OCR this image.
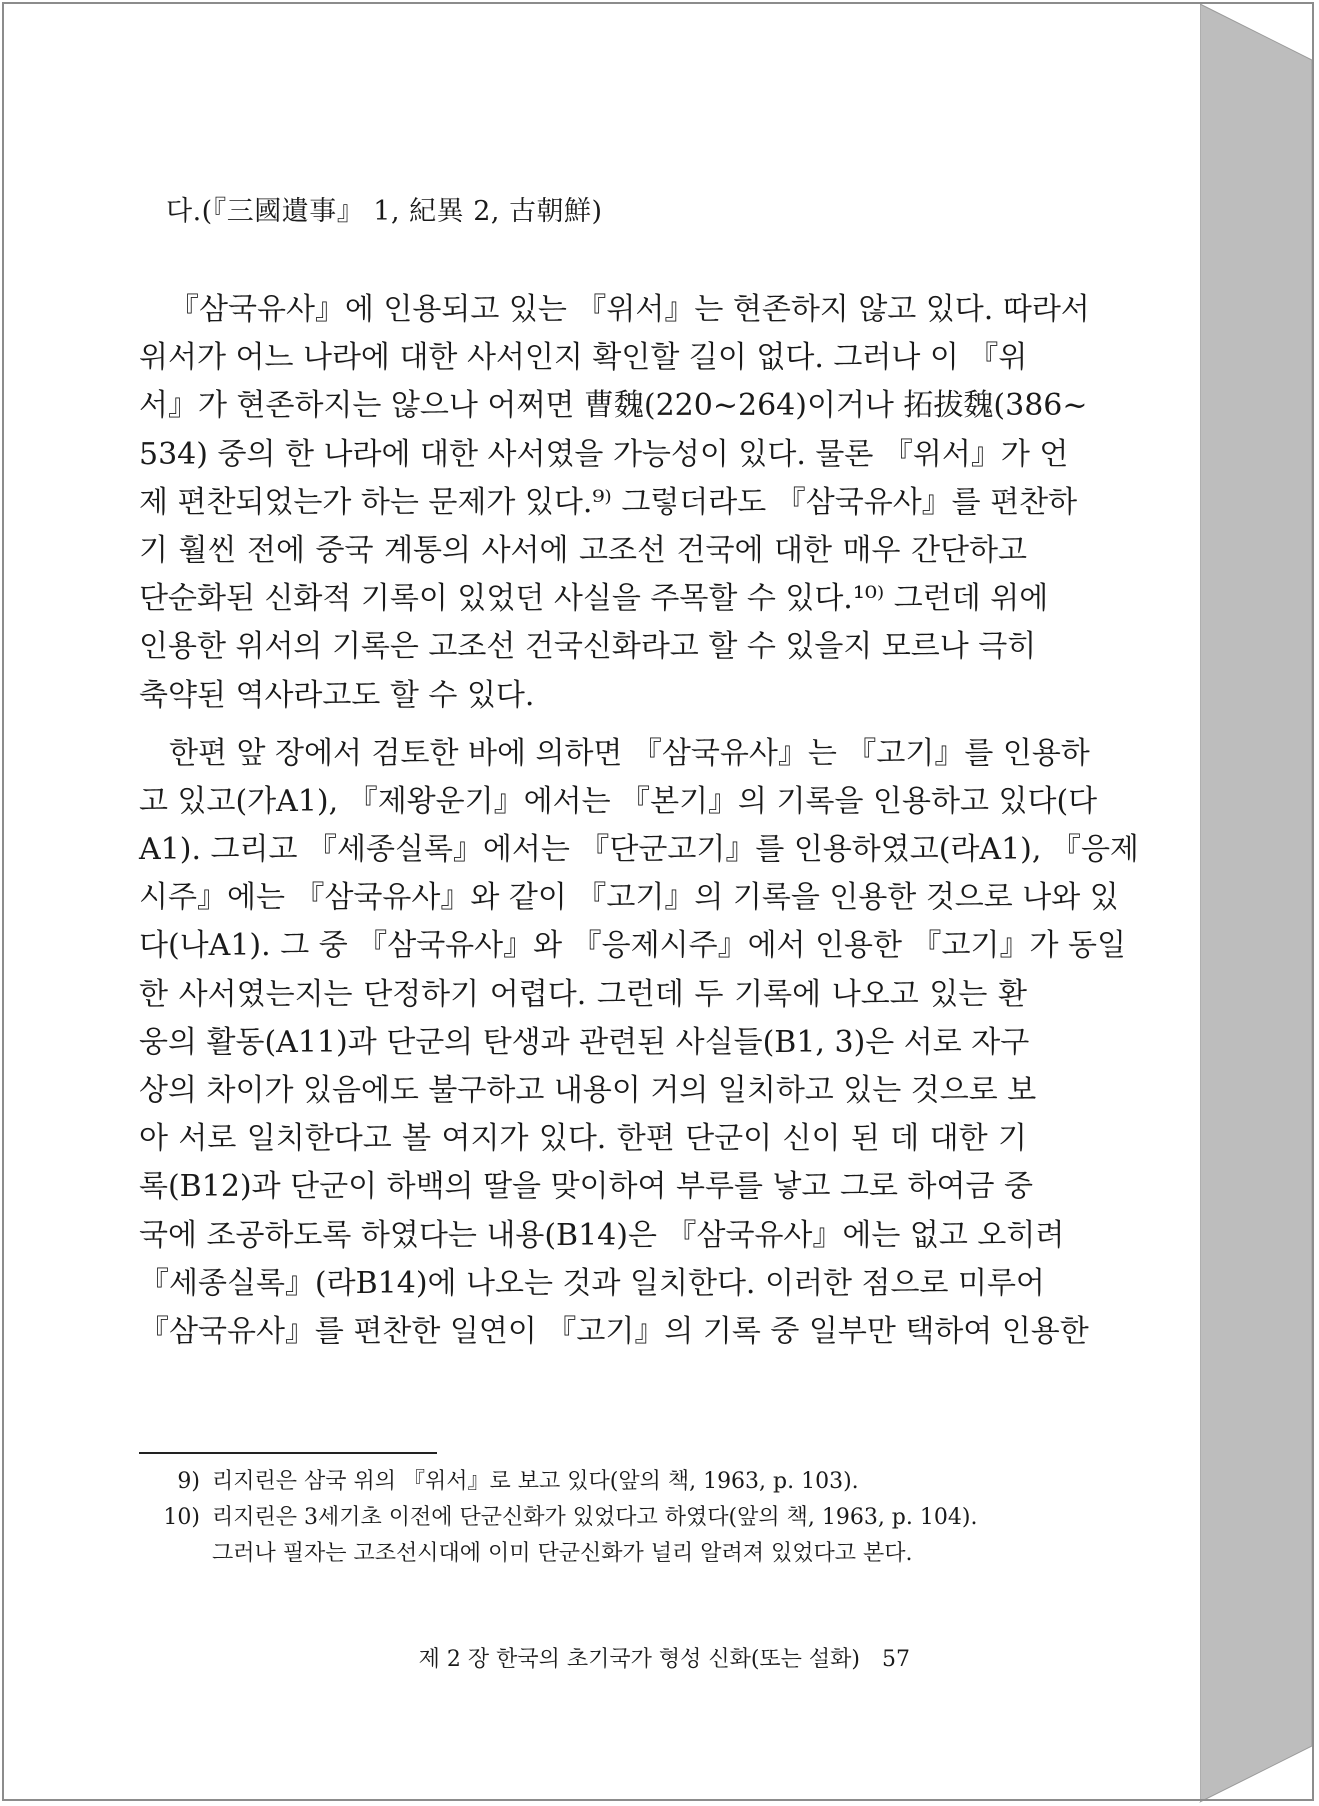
다.(『三國遺事』 1, 紀異 2, 古朝鮮)
『삼국유사』에 인용되고 있는 『위서』는 현존하지 않고 있다. 따라서
위서가 어느 나라에 대한 사서인지 확인할 길이 없다. 그러나 이 『위
서』가 현존하지는 않으나 어쩌면 曹魏(220~264)이거나 拓拔魏(386~
534) 중의 한 나라에 대한 사서였을 가능성이 있다. 물론 『위서』가 언
제 편찬되었는가 하는 문제가 있다.⁹⁾ 그렇더라도 『삼국유사』를 편찬하
기 훨씬 전에 중국 계통의 사서에 고조선 건국에 대한 매우 간단하고
단순화된 신화적 기록이 있었던 사실을 주목할 수 있다.¹⁰⁾ 그런데 위에
인용한 위서의 기록은 고조선 건국신화라고 할 수 있을지 모르나 극히
축약된 역사라고도 할 수 있다.
한편 앞 장에서 검토한 바에 의하면 『삼국유사』는 『고기』를 인용하
고 있고(가A1), 『제왕운기』에서는 『본기』의 기록을 인용하고 있다(다
A1). 그리고 『세종실록』에서는 『단군고기』를 인용하였고(라A1), 『응제
시주』에는 『삼국유사』와 같이 『고기』의 기록을 인용한 것으로 나와 있
다(나A1). 그 중 『삼국유사』와 『응제시주』에서 인용한 『고기』가 동일
한 사서였는지는 단정하기 어렵다. 그런데 두 기록에 나오고 있는 환
웅의 활동(A11)과 단군의 탄생과 관련된 사실들(B1, 3)은 서로 자구
상의 차이가 있음에도 불구하고 내용이 거의 일치하고 있는 것으로 보
아 서로 일치한다고 볼 여지가 있다. 한편 단군이 신이 된 데 대한 기
록(B12)과 단군이 하백의 딸을 맞이하여 부루를 낳고 그로 하여금 중
국에 조공하도록 하였다는 내용(B14)은 『삼국유사』에는 없고 오히려
『세종실록』(라B14)에 나오는 것과 일치한다. 이러한 점으로 미루어
『삼국유사』를 편찬한 일연이 『고기』의 기록 중 일부만 택하여 인용한
9) 리지린은 삼국 위의 『위서』로 보고 있다(앞의 책, 1963, p. 103).
10) 리지린은 3세기초 이전에 단군신화가 있었다고 하였다(앞의 책, 1963, p. 104).
그러나 필자는 고조선시대에 이미 단군신화가 널리 알려져 있었다고 본다.
제 2 장 한국의 초기국가 형성 신화(또는 설화) 57
